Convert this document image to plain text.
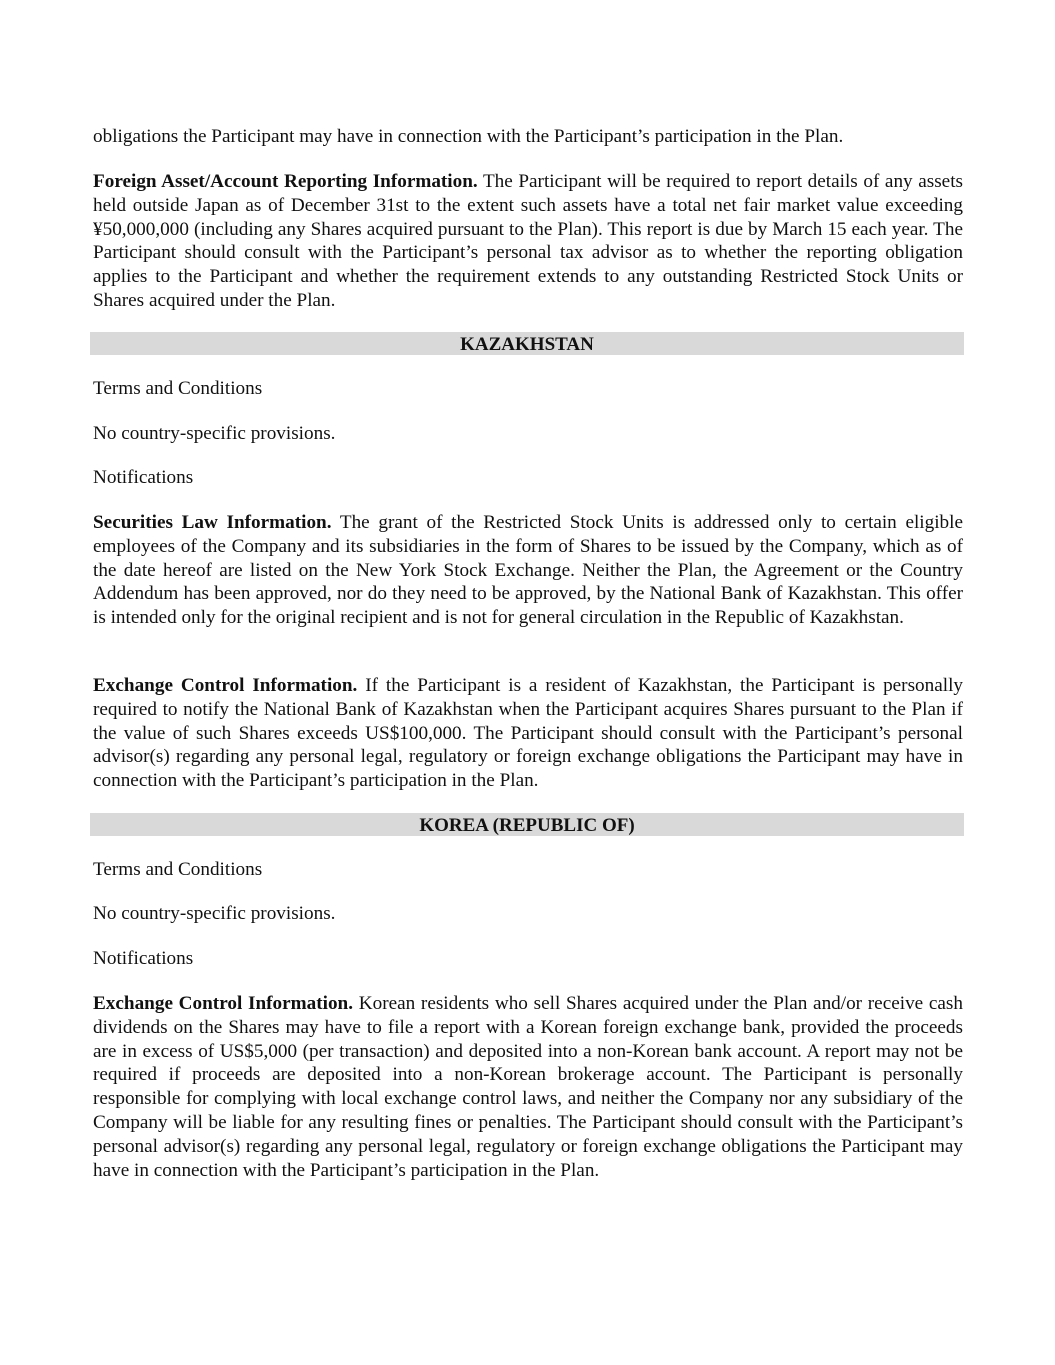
obligations the Participant may have in connection with the Participant’s participation in the Plan.

Foreign Asset/Account Reporting Information. The Participant will be required to report details of any assets held outside Japan as of December 31st to the extent such assets have a total net fair market value exceeding ¥50,000,000 (including any Shares acquired pursuant to the Plan). This report is due by March 15 each year. The Participant should consult with the Participant’s personal tax advisor as to whether the reporting obligation applies to the Participant and whether the requirement extends to any outstanding Restricted Stock Units or Shares acquired under the Plan.

KAZAKHSTAN

Terms and Conditions

No country-specific provisions.

Notifications

Securities Law Information. The grant of the Restricted Stock Units is addressed only to certain eligible employees of the Company and its subsidiaries in the form of Shares to be issued by the Company, which as of the date hereof are listed on the New York Stock Exchange. Neither the Plan, the Agreement or the Country Addendum has been approved, nor do they need to be approved, by the National Bank of Kazakhstan. This offer is intended only for the original recipient and is not for general circulation in the Republic of Kazakhstan.

Exchange Control Information. If the Participant is a resident of Kazakhstan, the Participant is personally required to notify the National Bank of Kazakhstan when the Participant acquires Shares pursuant to the Plan if the value of such Shares exceeds US$100,000. The Participant should consult with the Participant’s personal advisor(s) regarding any personal legal, regulatory or foreign exchange obligations the Participant may have in connection with the Participant’s participation in the Plan.

KOREA (REPUBLIC OF)

Terms and Conditions

No country-specific provisions.

Notifications

Exchange Control Information. Korean residents who sell Shares acquired under the Plan and/or receive cash dividends on the Shares may have to file a report with a Korean foreign exchange bank, provided the proceeds are in excess of US$5,000 (per transaction) and deposited into a non-Korean bank account. A report may not be required if proceeds are deposited into a non-Korean brokerage account. The Participant is personally responsible for complying with local exchange control laws, and neither the Company nor any subsidiary of the Company will be liable for any resulting fines or penalties. The Participant should consult with the Participant’s personal advisor(s) regarding any personal legal, regulatory or foreign exchange obligations the Participant may have in connection with the Participant’s participation in the Plan.
